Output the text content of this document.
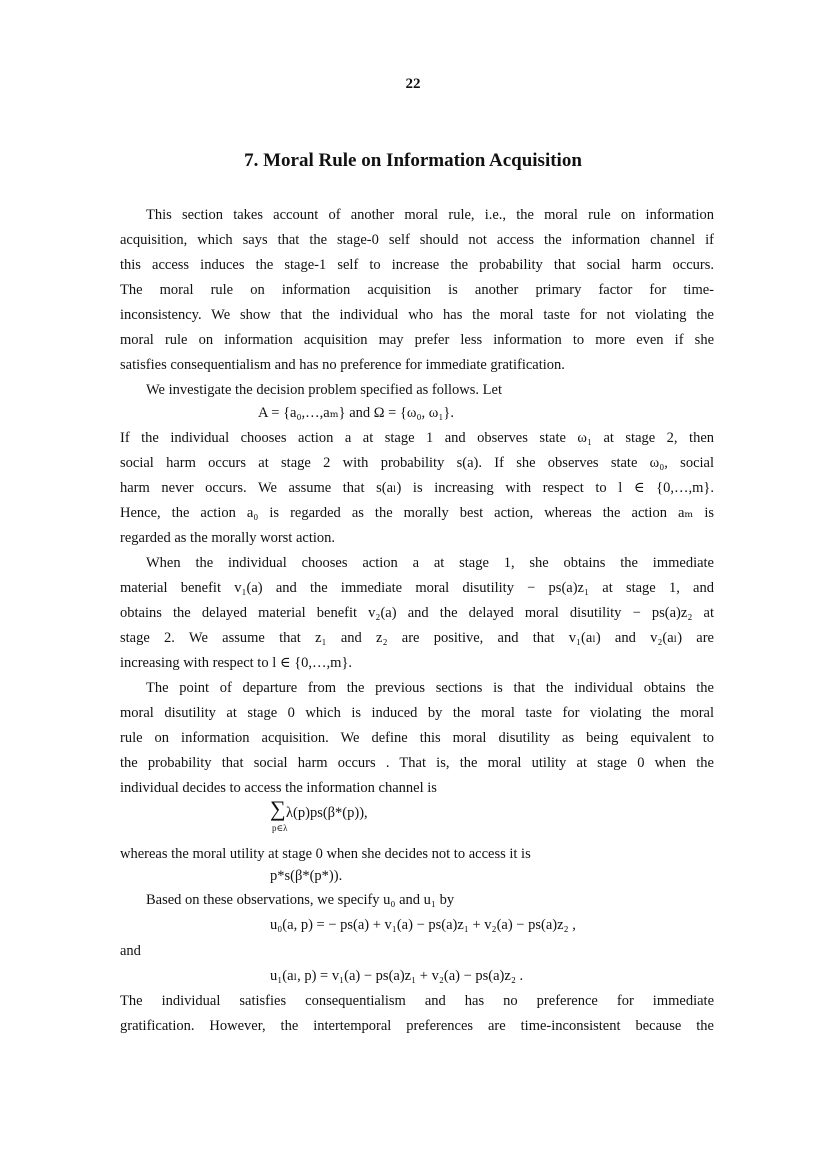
22
7. Moral Rule on Information Acquisition
This section takes account of another moral rule, i.e., the moral rule on information
acquisition, which says that the stage-0 self should not access the information channel if
this access induces the stage-1 self to increase the probability that social harm occurs.
The moral rule on information acquisition is another primary factor for time-
inconsistency. We show that the individual who has the moral taste for not violating the
moral rule on information acquisition may prefer less information to more even if she
satisfies consequentialism and has no preference for immediate gratification.
We investigate the decision problem specified as follows. Let
A = {a₀,…,aₘ} and Ω = {ω₀, ω₁}.
If the individual chooses action a at stage 1 and observes state ω₁ at stage 2, then
social harm occurs at stage 2 with probability s(a). If she observes state ω₀, social
harm never occurs. We assume that s(aₗ) is increasing with respect to l ∈ {0,…,m}.
Hence, the action a₀ is regarded as the morally best action, whereas the action aₘ is
regarded as the morally worst action.
When the individual chooses action a at stage 1, she obtains the immediate
material benefit v₁(a) and the immediate moral disutility − ps(a)z₁ at stage 1, and
obtains the delayed material benefit v₂(a) and the delayed moral disutility − ps(a)z₂ at
stage 2. We assume that z₁ and z₂ are positive, and that v₁(aₗ) and v₂(aₗ) are
increasing with respect to l ∈ {0,…,m}.
The point of departure from the previous sections is that the individual obtains the
moral disutility at stage 0 which is induced by the moral taste for violating the moral
rule on information acquisition. We define this moral disutility as being equivalent to
the probability that social harm occurs . That is, the moral utility at stage 0 when the
individual decides to access the information channel is
∑ λ(p)ps(β*(p)),
p∈λ
whereas the moral utility at stage 0 when she decides not to access it is
p*s(β*(p*)).
Based on these observations, we specify u₀ and u₁ by
u₀(a, p) = − ps(a) + v₁(a) − ps(a)z₁ + v₂(a) − ps(a)z₂ ,
and
u₁(aₗ, p) = v₁(a) − ps(a)z₁ + v₂(a) − ps(a)z₂ .
The individual satisfies consequentialism and has no preference for immediate
gratification. However, the intertemporal preferences are time-inconsistent because the
